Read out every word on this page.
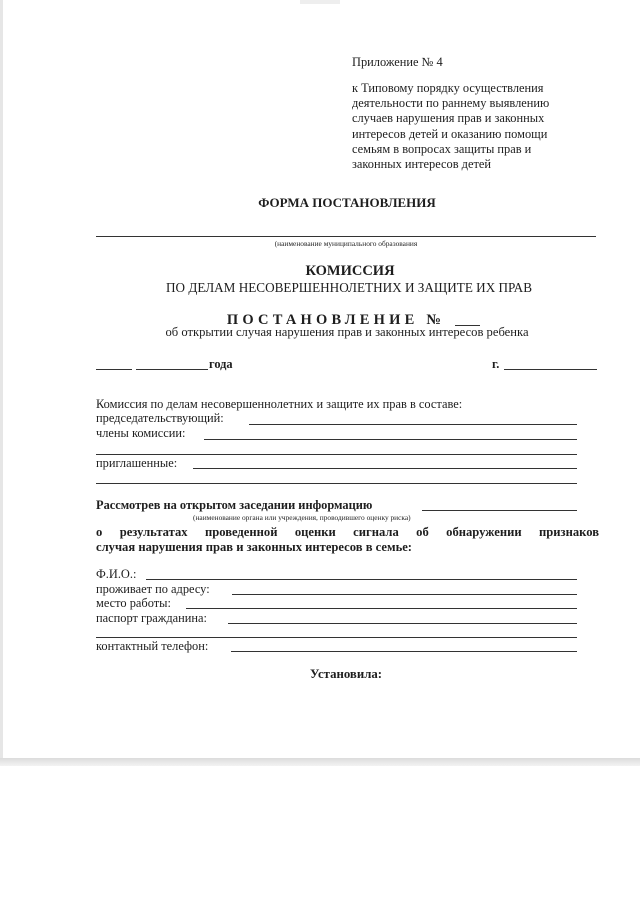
Приложение № 4
к Типовому порядку осуществления
деятельности по раннему выявлению
случаев нарушения прав и законных
интересов детей и оказанию помощи
семьям в вопросах защиты прав и
законных интересов детей
ФОРМА ПОСТАНОВЛЕНИЯ
(наименование муниципального образования
КОМИССИЯ
ПО ДЕЛАМ НЕСОВЕРШЕННОЛЕТНИХ И ЗАЩИТЕ ИХ ПРАВ
ПОСТАНОВЛЕНИЕ №
об открытии случая нарушения прав и законных интересов ребенка
года	г.
Комиссия по делам несовершеннолетних и защите их прав в составе:
председательствующий:
члены комиссии:
приглашенные:
Рассмотрев на открытом заседании информацию
(наименование органа или учреждения, проводившего оценку риска)
о результатах проведенной оценки сигнала об обнаружении признаков
случая нарушения прав и законных интересов в семье:
Ф.И.О.:
проживает по адресу:
место работы:
паспорт гражданина:
контактный телефон:
Установила:
